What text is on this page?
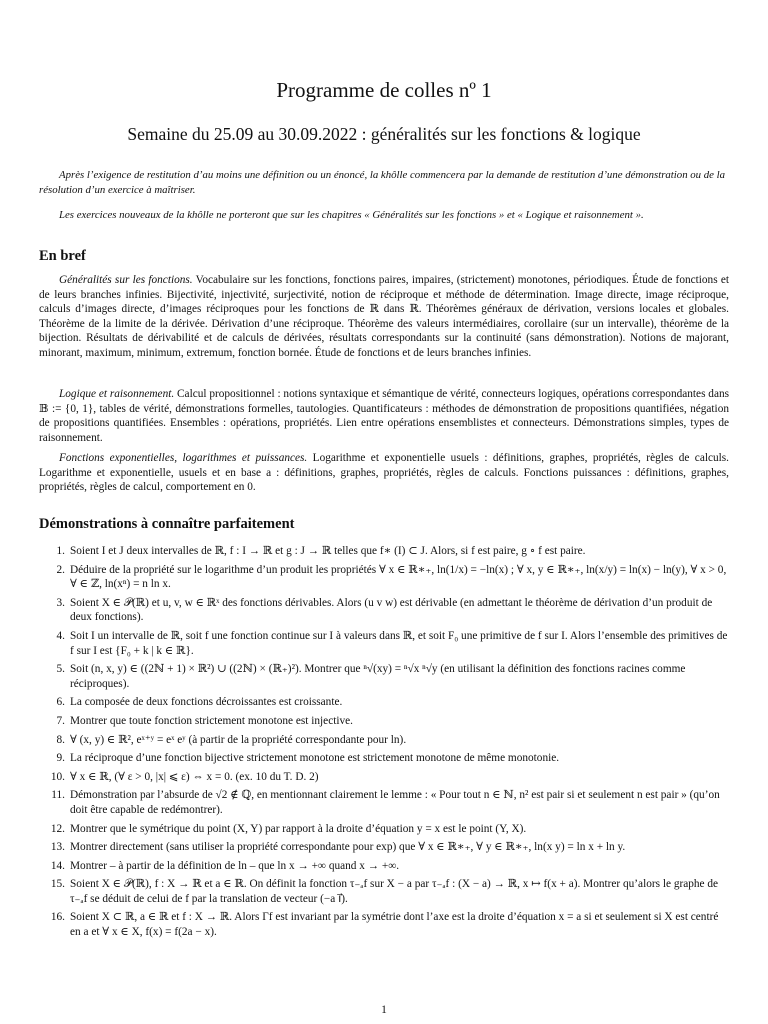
Programme de colles nº 1
Semaine du 25.09 au 30.09.2022 : généralités sur les fonctions & logique

Après l’exigence de restitution d’au moins une définition ou un énoncé, la khôlle commencera par la demande de restitution d’une démonstration ou de la résolution d’un exercice à maîtriser.

Les exercices nouveaux de la khôlle ne porteront que sur les chapitres « Généralités sur les fonctions » et « Logique et raisonnement ».

En bref

Généralités sur les fonctions. Vocabulaire sur les fonctions, fonctions paires, impaires, (strictement) monotones, périodiques. Étude de fonctions et de leurs branches infinies. Bijectivité, injectivité, surjectivité, notion de réciproque et méthode de détermination. Image directe, image réciproque, calculs d’images directe, d’images réciproques pour les fonctions de ℝ dans ℝ. Théorèmes généraux de dérivation, versions locales et globales. Théorème de la limite de la dérivée. Dérivation d’une réciproque. Théorème des valeurs intermédiaires, corollaire (sur un intervalle), théorème de la bijection. Résultats de dérivabilité et de calculs de dérivées, résultats correspondants sur la continuité (sans démonstration). Notions de majorant, minorant, maximum, minimum, extremum, fonction bornée. Étude de fonctions et de leurs branches infinies.

Logique et raisonnement. Calcul propositionnel : notions syntaxique et sémantique de vérité, connecteurs logiques, opérations correspondantes dans 𝔹 := {0, 1}, tables de vérité, démonstrations formelles, tautologies. Quantificateurs : méthodes de démonstration de propositions quantifiées, négation de propositions quantifiées. Ensembles : opérations, propriétés. Lien entre opérations ensemblistes et connecteurs. Démonstrations simples, types de raisonnement.

Fonctions exponentielles, logarithmes et puissances. Logarithme et exponentielle usuels : définitions, graphes, propriétés, règles de calculs. Logarithme et exponentielle, usuels et en base a : définitions, graphes, propriétés, règles de calculs. Fonctions puissances : définitions, graphes, propriétés, règles de calcul, comportement en 0.

Démonstrations à connaître parfaitement
1. Soient I et J deux intervalles de ℝ, f : I → ℝ et g : J → ℝ telles que f∗ (I) ⊂ J. Alors, si f est paire, g ∘ f est paire.
2. Déduire de la propriété sur le logarithme d’un produit les propriétés ∀ x ∈ ℝ∗₊, ln(1/x) = −ln(x) ; ∀ x, y ∈ ℝ∗₊, ln(x/y) = ln(x) − ln(y), ∀ x > 0, ∀ ∈ ℤ, ln(xⁿ) = n ln x.
3. Soient X ∈ 𝒫(ℝ) et u, v, w ∈ ℝˣ des fonctions dérivables. Alors (u v w) est dérivable (en admettant le théorème de dérivation d’un produit de deux fonctions).
4. Soit I un intervalle de ℝ, soit f une fonction continue sur I à valeurs dans ℝ, et soit F₀ une primitive de f sur I. Alors l’ensemble des primitives de f sur I est {F₀ + k | k ∈ ℝ}.
5. Soit (n, x, y) ∈ ((2ℕ + 1) × ℝ²) ∪ ((2ℕ) × (ℝ₊)²). Montrer que ⁿ√(xy) = ⁿ√x ⁿ√y (en utilisant la définition des fonctions racines comme réciproques).
6. La composée de deux fonctions décroissantes est croissante.
7. Montrer que toute fonction strictement monotone est injective.
8. ∀ (x, y) ∈ ℝ², eˣ⁺ʸ = eˣ eʸ (à partir de la propriété correspondante pour ln).
9. La réciproque d’une fonction bijective strictement monotone est strictement monotone de même monotonie.
10. ∀ x ∈ ℝ, (∀ ε > 0, |x| ⩽ ε) ⇔ x = 0. (ex. 10 du T. D. 2)
11. Démonstration par l’absurde de √2 ∉ ℚ, en mentionnant clairement le lemme : « Pour tout n ∈ ℕ, n² est pair si et seulement n est pair » (qu’on doit être capable de redémontrer).
12. Montrer que le symétrique du point (X, Y) par rapport à la droite d’équation y = x est le point (Y, X).
13. Montrer directement (sans utiliser la propriété correspondante pour exp) que ∀ x ∈ ℝ∗₊, ∀ y ∈ ℝ∗₊, ln(x y) = ln x + ln y.
14. Montrer – à partir de la définition de ln – que ln x → +∞ quand x → +∞.
15. Soient X ∈ 𝒫(ℝ), f : X → ℝ et a ∈ ℝ. On définit la fonction τ₋ₐf sur X − a par τ₋ₐf : (X − a) → ℝ, x ↦ f(x + a). Montrer qu’alors le graphe de τ₋ₐf se déduit de celui de f par la translation de vecteur (−a i⃗).
16. Soient X ⊂ ℝ, a ∈ ℝ et f : X → ℝ. Alors Γf est invariant par la symétrie dont l’axe est la droite d’équation x = a si et seulement si X est centré en a et ∀ x ∈ X, f(x) = f(2a − x).
1
